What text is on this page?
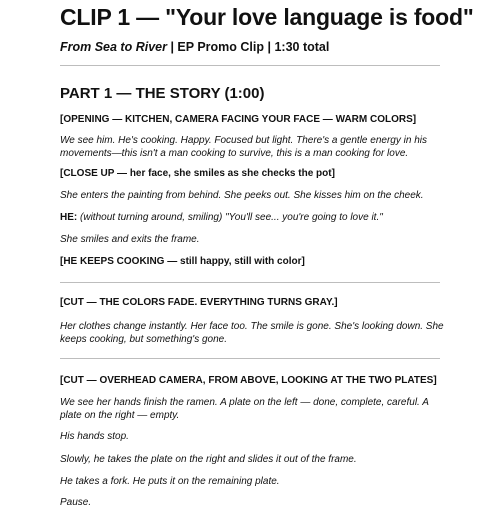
CLIP 1 — "Your love language is food"

From Sea to River | EP Promo Clip | 1:30 total

PART 1 — THE STORY (1:00)

[OPENING — KITCHEN, CAMERA FACING YOUR FACE — WARM COLORS]

We see him. He's cooking. Happy. Focused but light. There's a gentle energy in his movements—this isn't a man cooking to survive, this is a man cooking for love.

[CLOSE UP — her face, she smiles as she checks the pot]

She enters the painting from behind. She peeks out. She kisses him on the cheek.

HE: (without turning around, smiling) "You'll see... you're going to love it."

She smiles and exits the frame.

[HE KEEPS COOKING — still happy, still with color]

[CUT — THE COLORS FADE. EVERYTHING TURNS GRAY.]

Her clothes change instantly. Her face too. The smile is gone. She's looking down. She keeps cooking, but something's gone.

[CUT — OVERHEAD CAMERA, FROM ABOVE, LOOKING AT THE TWO PLATES]

We see her hands finish the ramen. A plate on the left — done, complete, careful. A plate on the right — empty.

His hands stop.

Slowly, he takes the plate on the right and slides it out of the frame.

He takes a fork. He puts it on the remaining plate.

Pause.
